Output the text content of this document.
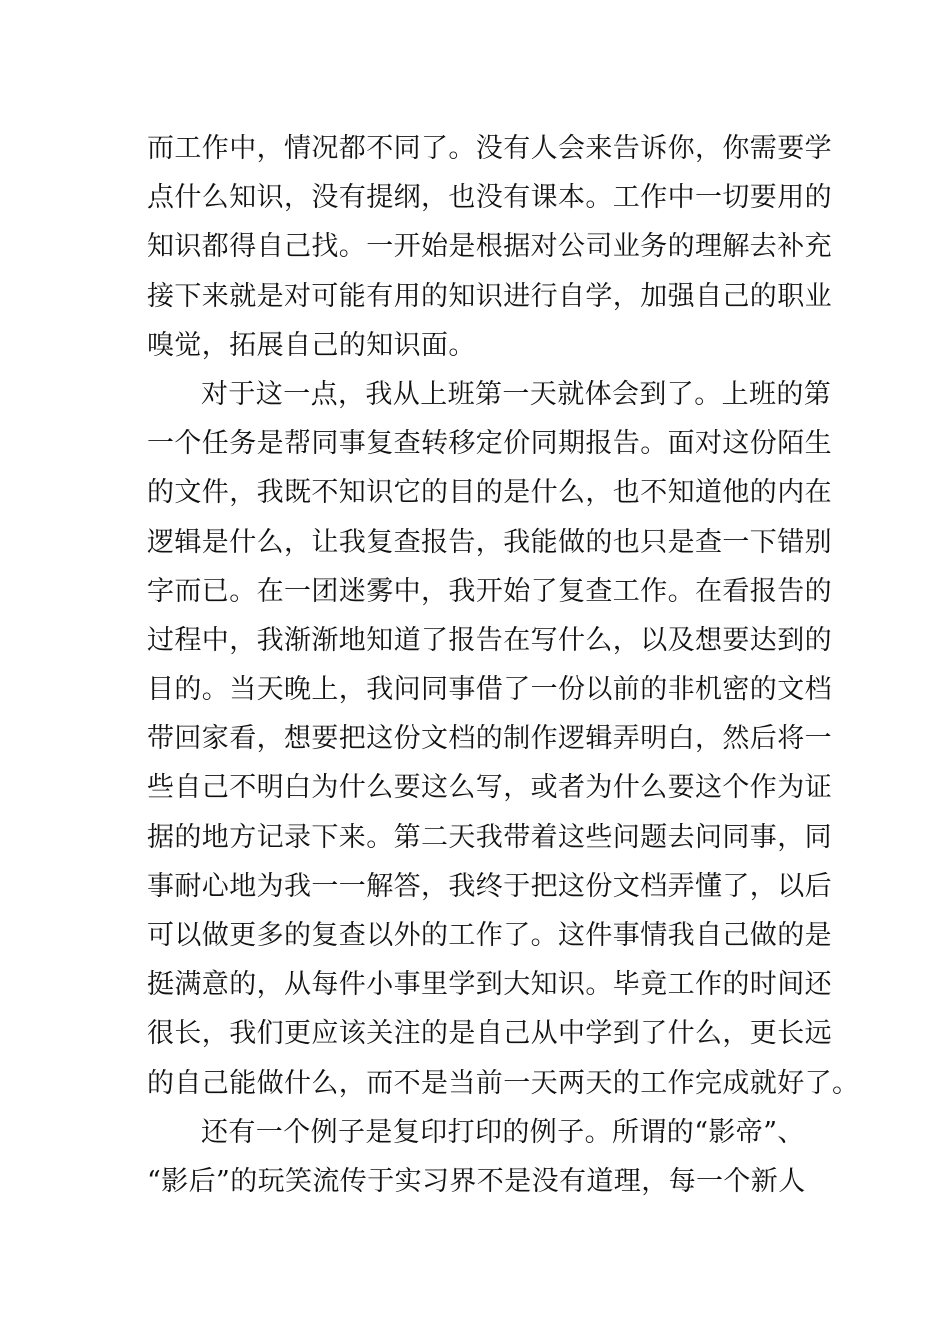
而工作中，情况都不同了。没有人会来告诉你，你需要学
点什么知识，没有提纲，也没有课本。工作中一切要用的
知识都得自己找。一开始是根据对公司业务的理解去补充
接下来就是对可能有用的知识进行自学，加强自己的职业
嗅觉，拓展自己的知识面。
对于这一点，我从上班第一天就体会到了。上班的第
一个任务是帮同事复查转移定价同期报告。面对这份陌生
的文件，我既不知识它的目的是什么，也不知道他的内在
逻辑是什么，让我复查报告，我能做的也只是查一下错别
字而已。在一团迷雾中，我开始了复查工作。在看报告的
过程中，我渐渐地知道了报告在写什么，以及想要达到的
目的。当天晚上，我问同事借了一份以前的非机密的文档
带回家看，想要把这份文档的制作逻辑弄明白，然后将一
些自己不明白为什么要这么写，或者为什么要这个作为证
据的地方记录下来。第二天我带着这些问题去问同事，同
事耐心地为我一一解答，我终于把这份文档弄懂了，以后
可以做更多的复查以外的工作了。这件事情我自己做的是
挺满意的，从每件小事里学到大知识。毕竟工作的时间还
很长，我们更应该关注的是自己从中学到了什么，更长远
的自己能做什么，而不是当前一天两天的工作完成就好了。
还有一个例子是复印打印的例子。所谓的“影帝”、
“影后”的玩笑流传于实习界不是没有道理，每一个新人
